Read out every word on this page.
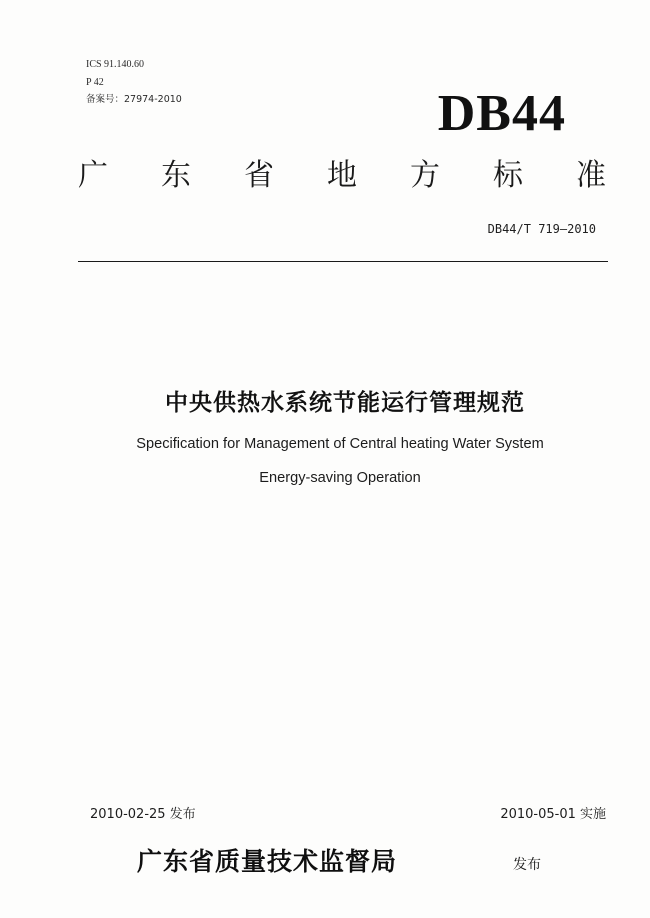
ICS 91.140.60
P 42
备案号：27974-2010	DB44
广 东 省 地 方 标 准
DB44/T 719—2010
中央供热水系统节能运行管理规范
Specification for Management of Central heating Water System
Energy-saving Operation
2010-02-25 发布	2010-05-01 实施
广东省质量技术监督局	发布
